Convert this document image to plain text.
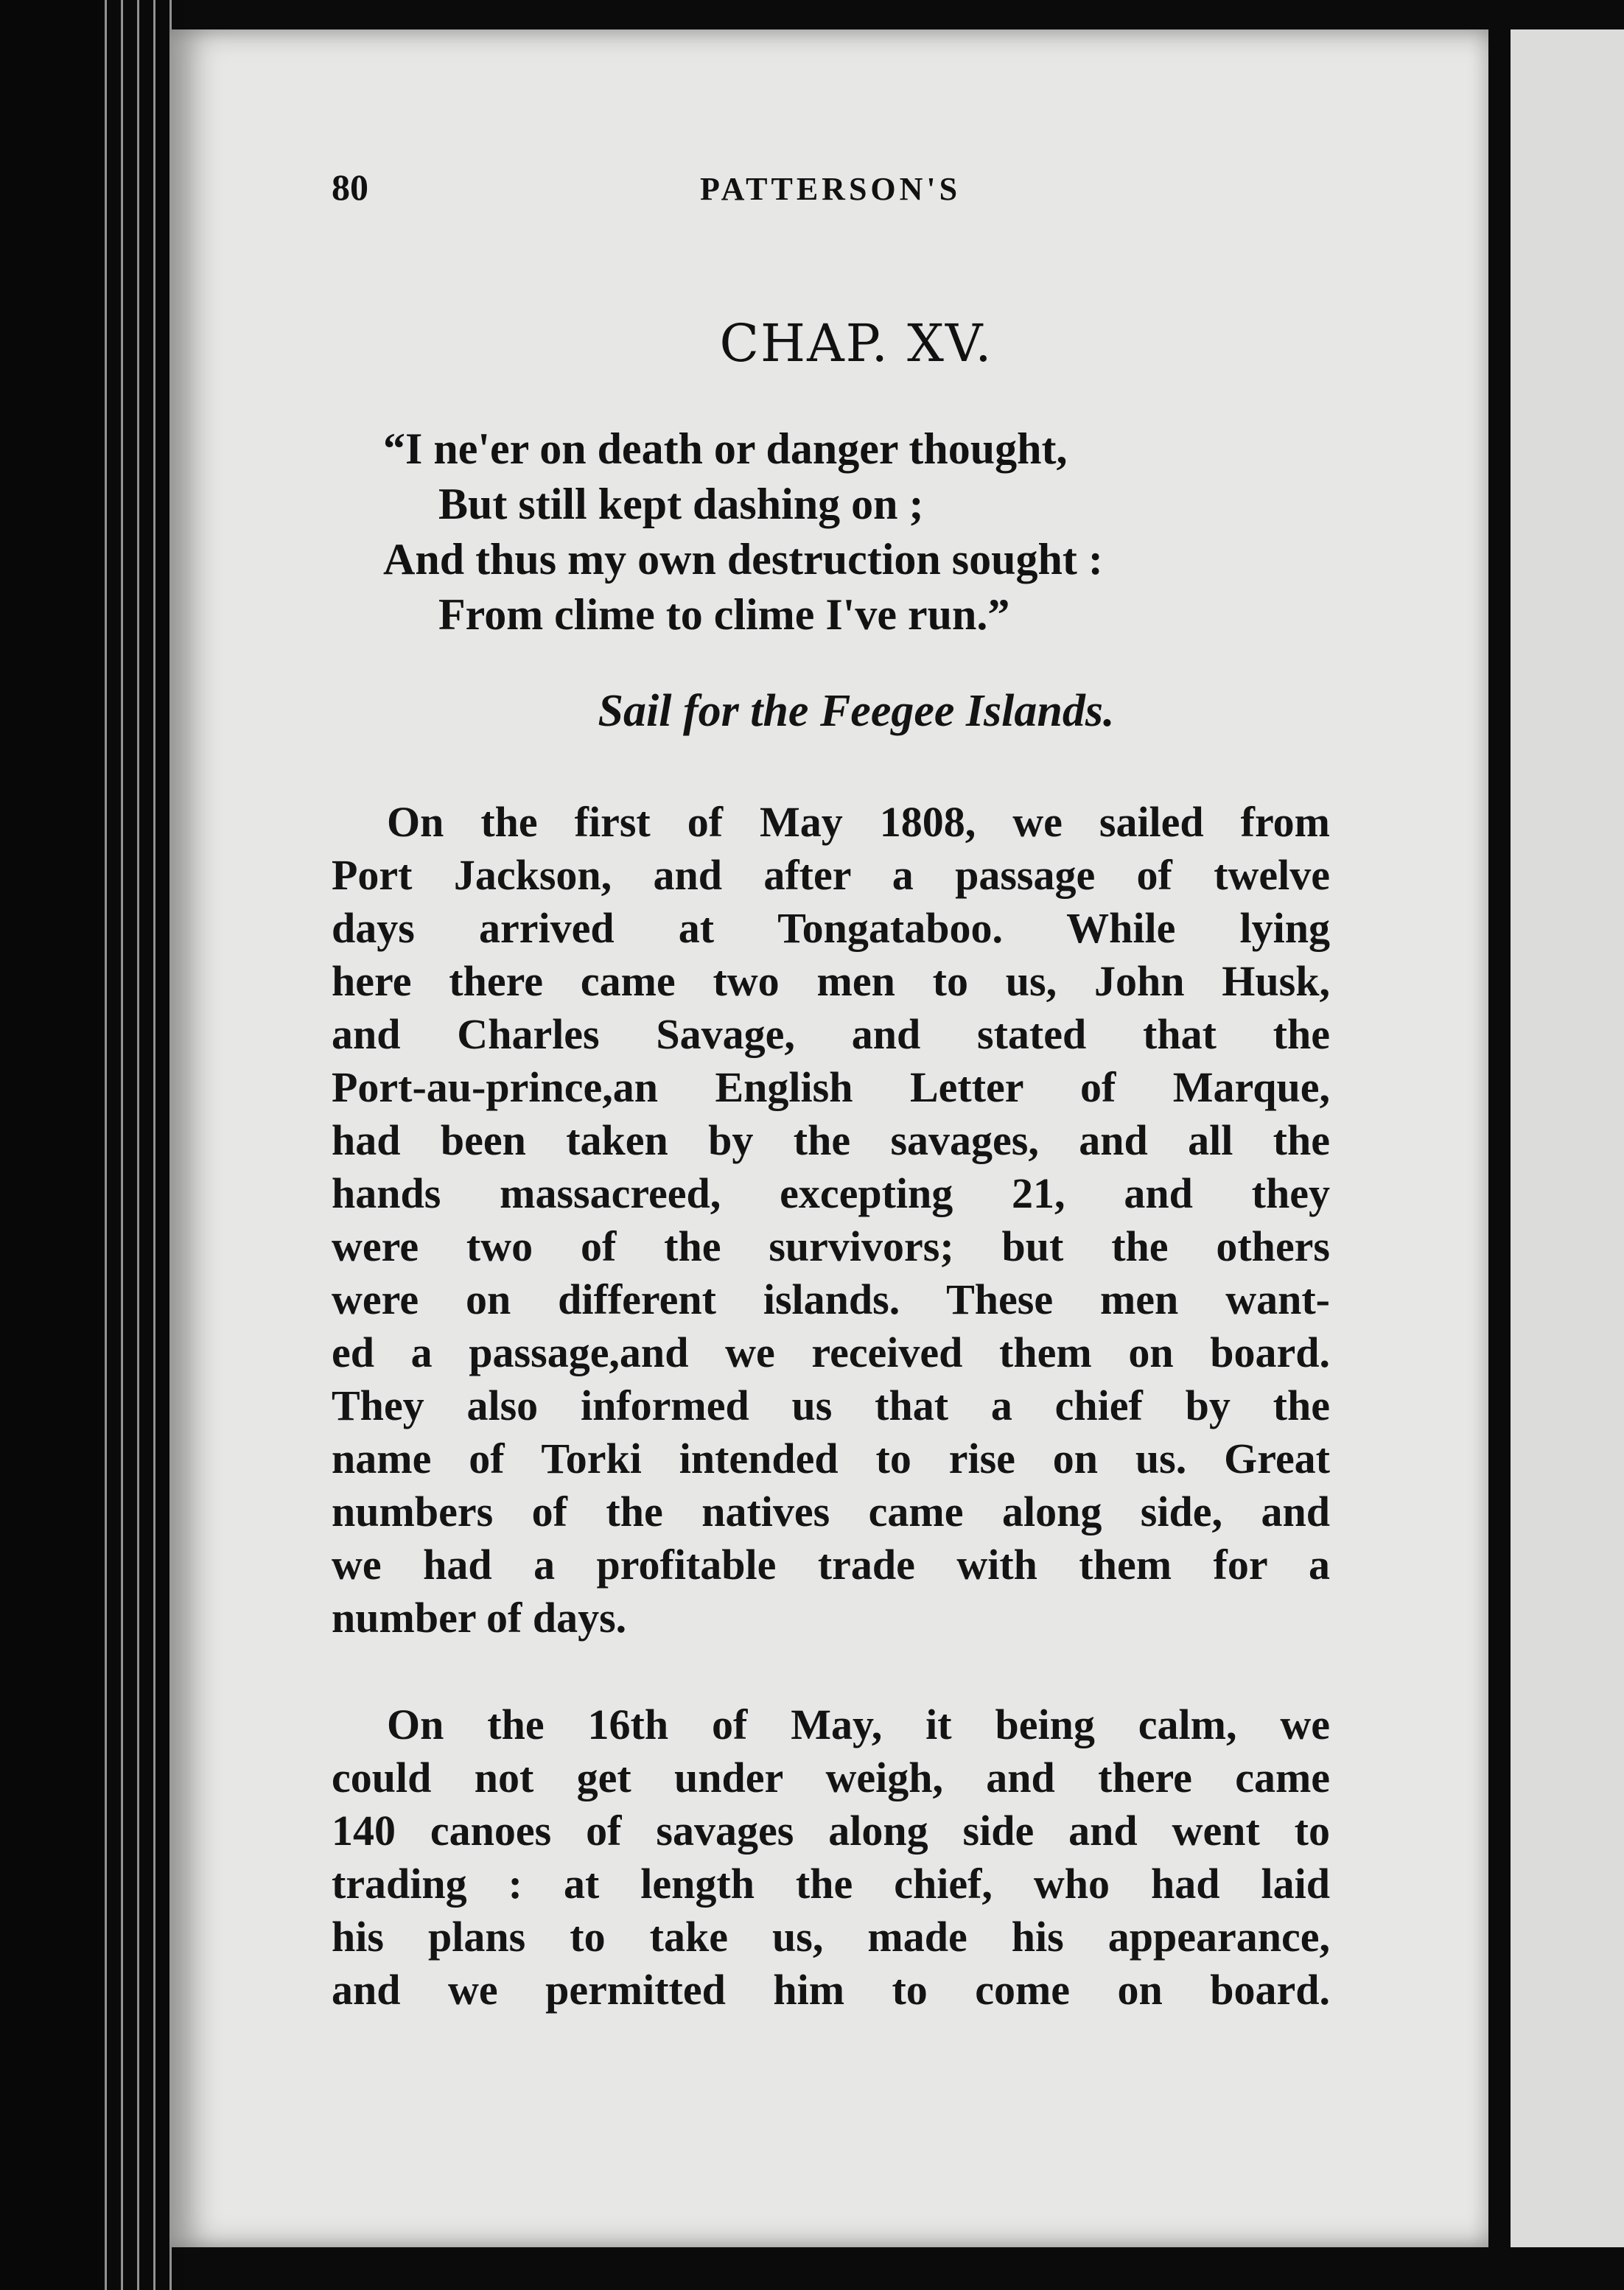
80	PATTERSON'S
CHAP. XV.
“I ne'er on death or danger thought,
But still kept dashing on ;
And thus my own destruction sought :
From clime to clime I've run.”
Sail for the Feegee Islands.
On the first of May 1808, we sailed from
Port Jackson, and after a passage of twelve
days arrived at Tongataboo. While lying
here there came two men to us, John Husk,
and Charles Savage, and stated that the
Port-au-prince,an English Letter of Marque,
had been taken by the savages, and all the
hands massacreed, excepting 21, and they
were two of the survivors; but the others
were on different islands. These men want-
ed a passage,and we received them on board.
They also informed us that a chief by the
name of Torki intended to rise on us. Great
numbers of the natives came along side, and
we had a profitable trade with them for a
number of days.
On the 16th of May, it being calm, we
could not get under weigh, and there came
140 canoes of savages along side and went to
trading : at length the chief, who had laid
his plans to take us, made his appearance,
and we permitted him to come on board.
